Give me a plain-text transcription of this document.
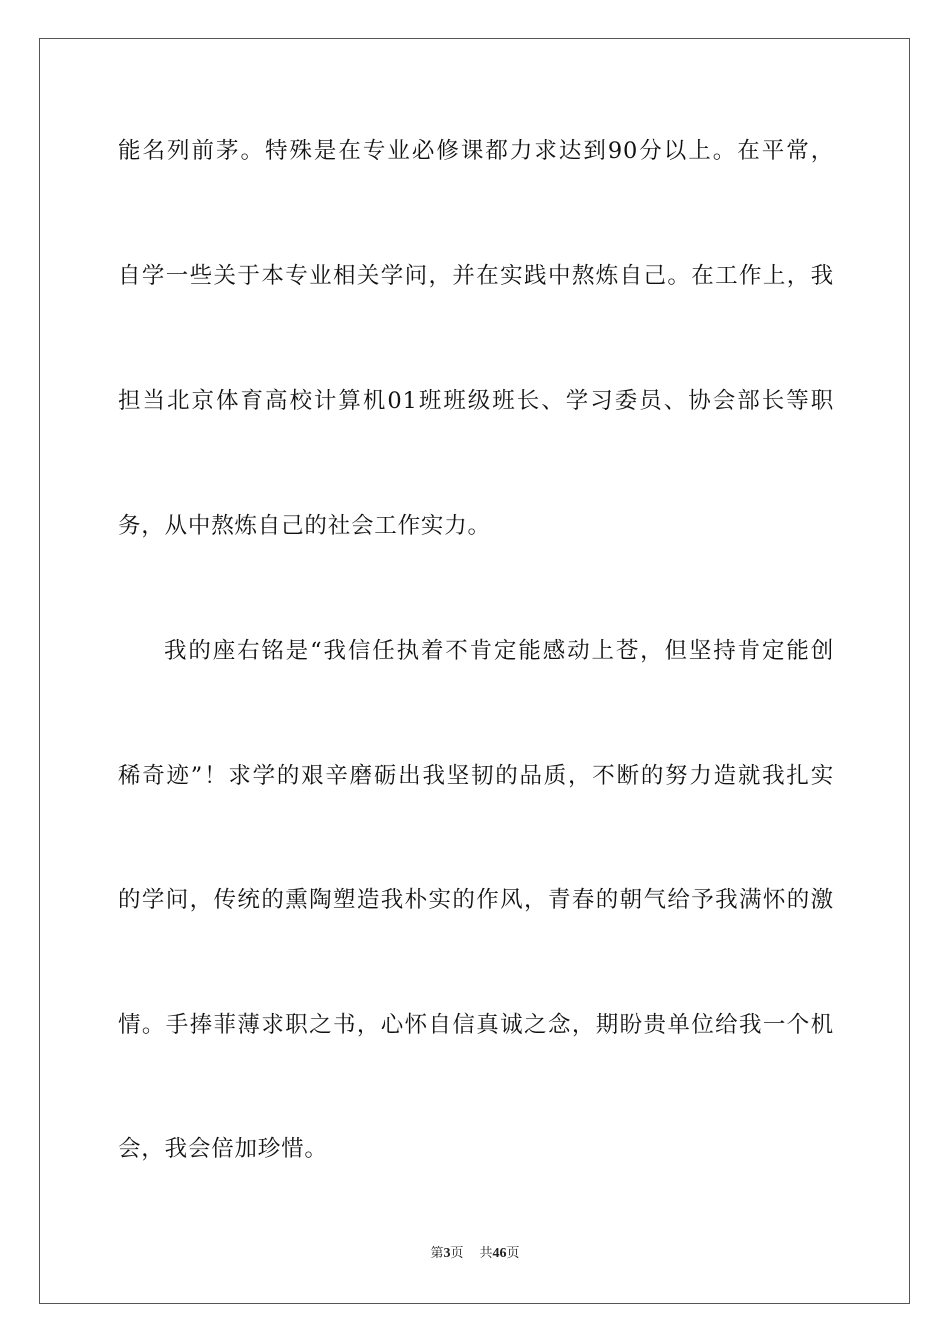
能名列前茅。特殊是在专业必修课都力求达到90分以上。在平常，
自学一些关于本专业相关学问，并在实践中熬炼自己。在工作上，我
担当北京体育高校计算机01班班级班长、学习委员、协会部长等职
务，从中熬炼自己的社会工作实力。
我的座右铭是“我信任执着不肯定能感动上苍，但坚持肯定能创
稀奇迹”！求学的艰辛磨砺出我坚韧的品质，不断的努力造就我扎实
的学问，传统的熏陶塑造我朴实的作风，青春的朝气给予我满怀的激
情。手捧菲薄求职之书，心怀自信真诚之念，期盼贵单位给我一个机
会，我会倍加珍惜。
第3页 共46页
